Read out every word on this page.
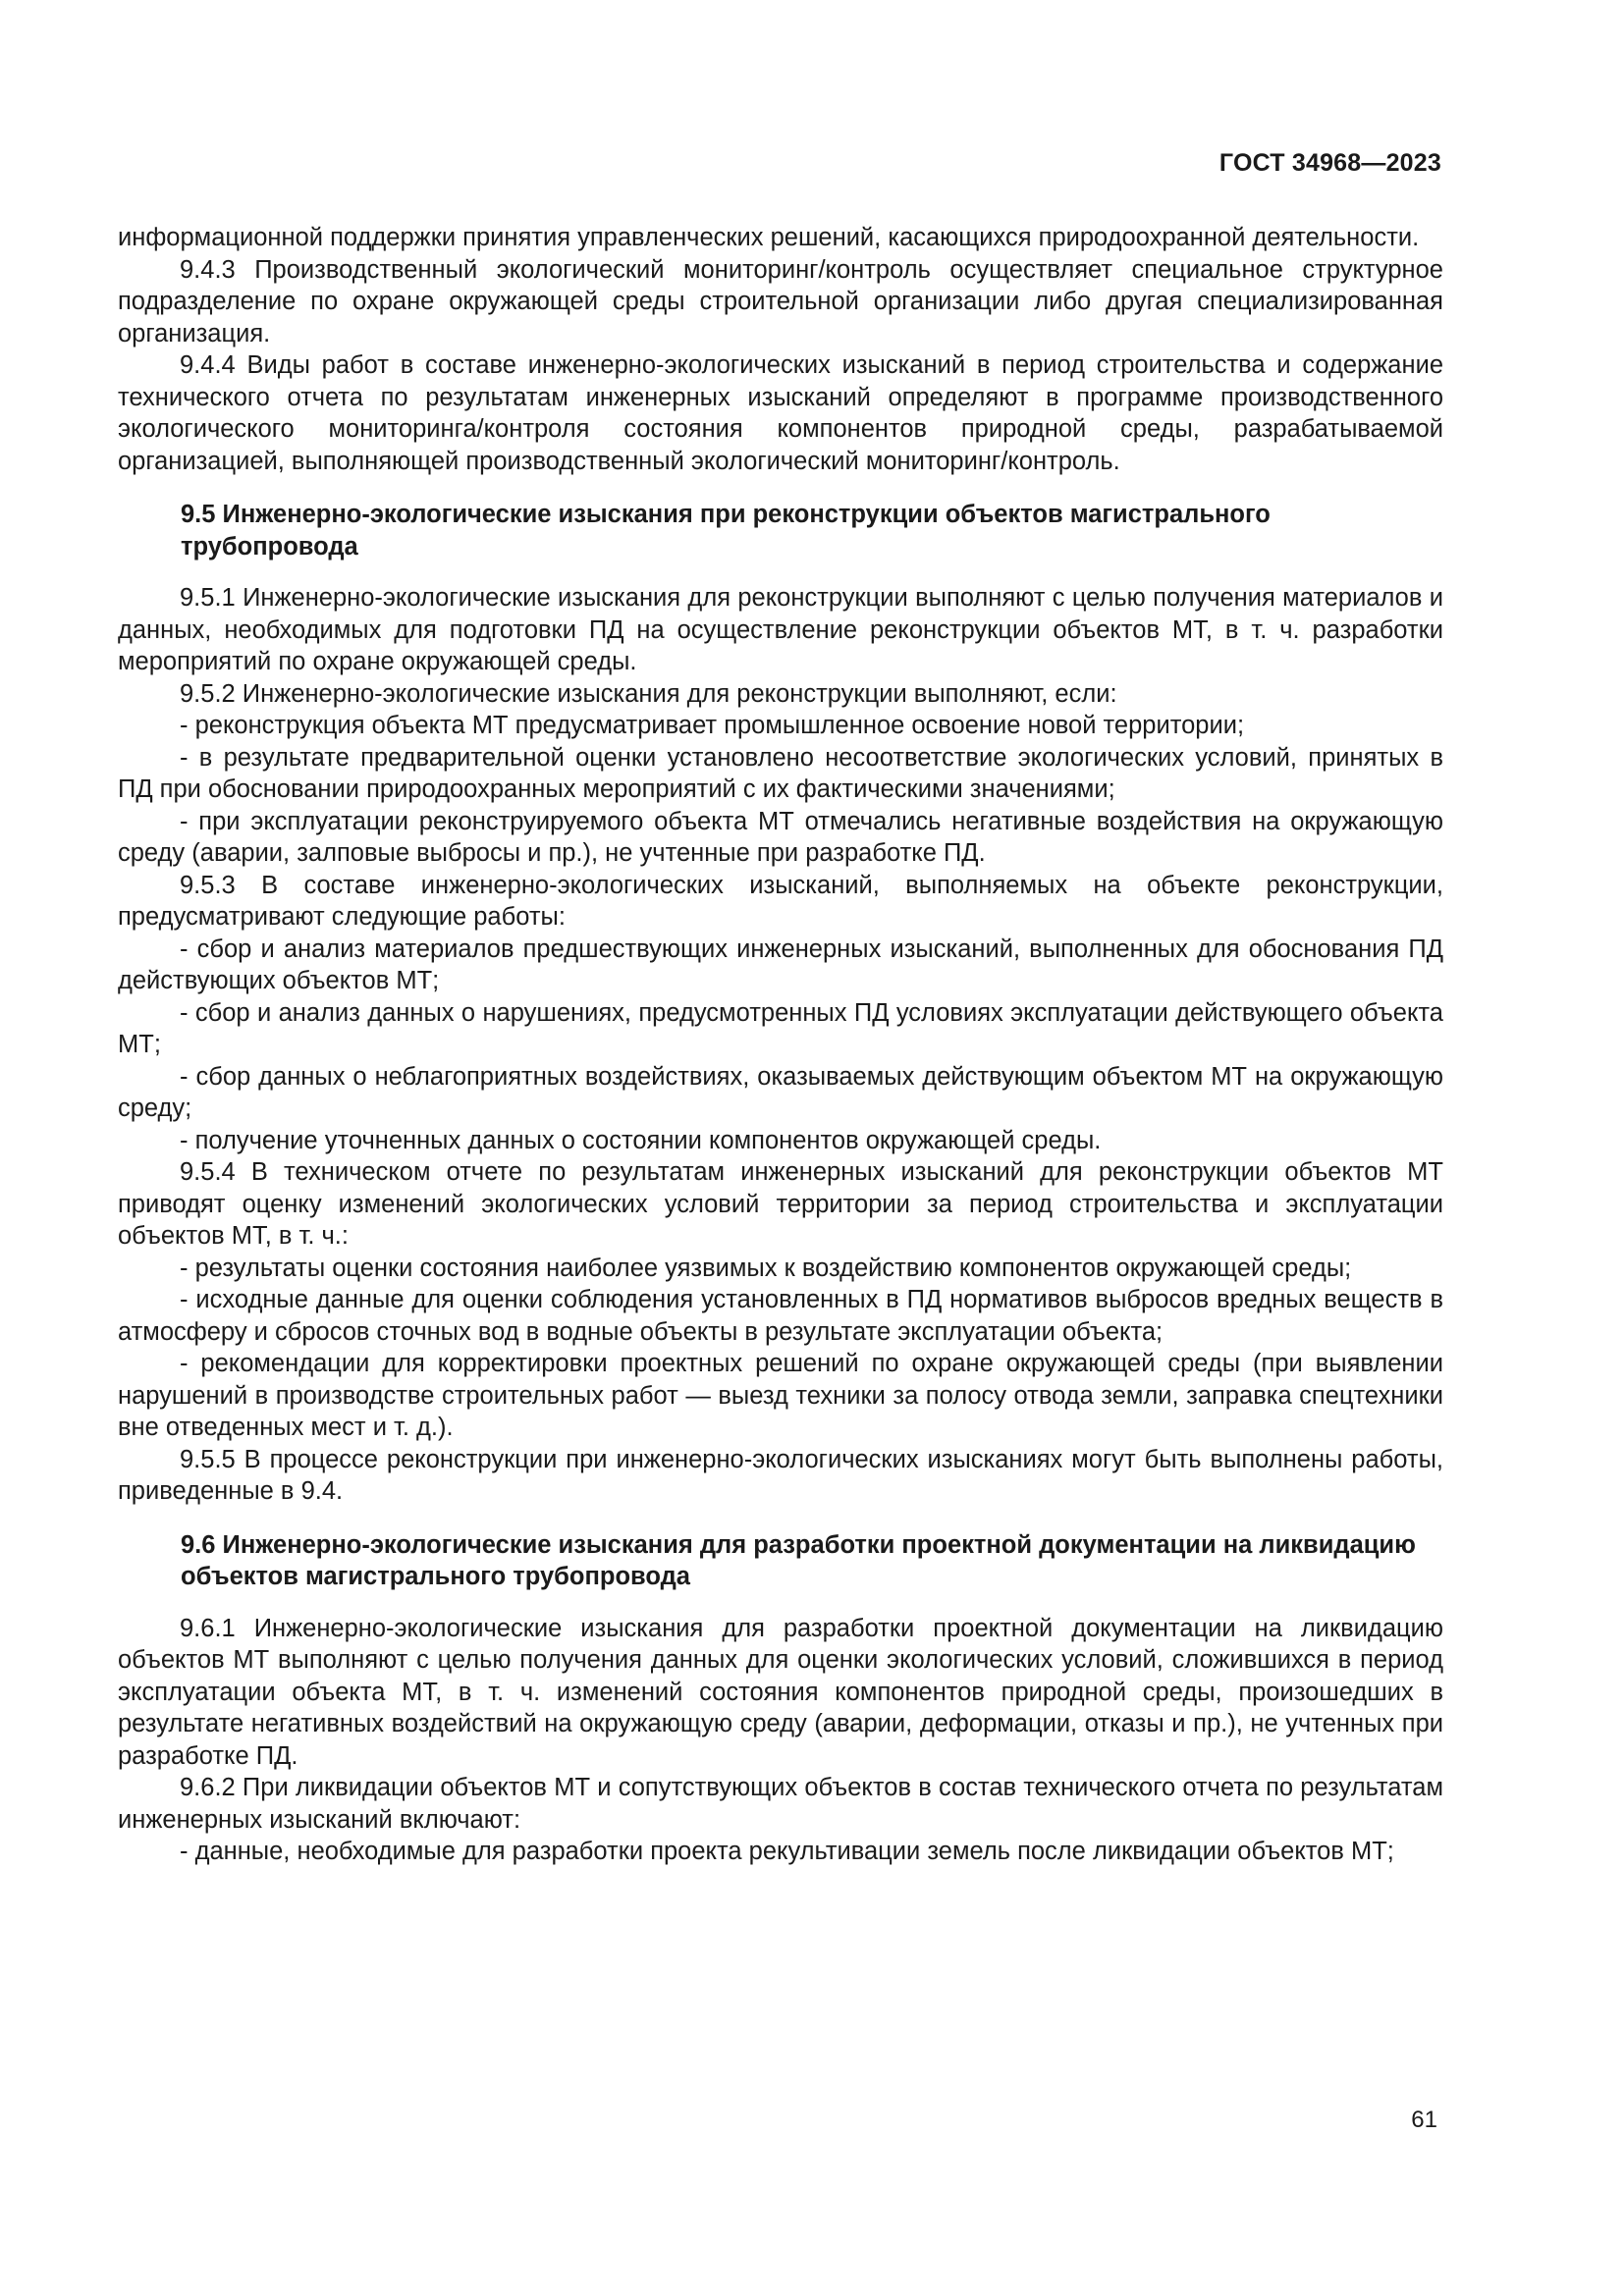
ГОСТ 34968—2023

информационной поддержки принятия управленческих решений, касающихся природоохранной деятельности.

9.4.3 Производственный экологический мониторинг/контроль осуществляет специальное структурное подразделение по охране окружающей среды строительной организации либо другая специализированная организация.

9.4.4 Виды работ в составе инженерно-экологических изысканий в период строительства и содержание технического отчета по результатам инженерных изысканий определяют в программе производственного экологического мониторинга/контроля состояния компонентов природной среды, разрабатываемой организацией, выполняющей производственный экологический мониторинг/контроль.

9.5 Инженерно-экологические изыскания при реконструкции объектов магистрального трубопровода

9.5.1 Инженерно-экологические изыскания для реконструкции выполняют с целью получения материалов и данных, необходимых для подготовки ПД на осуществление реконструкции объектов МТ, в т. ч. разработки мероприятий по охране окружающей среды.

9.5.2 Инженерно-экологические изыскания для реконструкции выполняют, если:

- реконструкция объекта МТ предусматривает промышленное освоение новой территории;

- в результате предварительной оценки установлено несоответствие экологических условий, принятых в ПД при обосновании природоохранных мероприятий с их фактическими значениями;

- при эксплуатации реконструируемого объекта МТ отмечались негативные воздействия на окружающую среду (аварии, залповые выбросы и пр.), не учтенные при разработке ПД.

9.5.3 В составе инженерно-экологических изысканий, выполняемых на объекте реконструкции, предусматривают следующие работы:

- сбор и анализ материалов предшествующих инженерных изысканий, выполненных для обоснования ПД действующих объектов МТ;

- сбор и анализ данных о нарушениях, предусмотренных ПД условиях эксплуатации действующего объекта МТ;

- сбор данных о неблагоприятных воздействиях, оказываемых действующим объектом МТ на окружающую среду;

- получение уточненных данных о состоянии компонентов окружающей среды.

9.5.4 В техническом отчете по результатам инженерных изысканий для реконструкции объектов МТ приводят оценку изменений экологических условий территории за период строительства и эксплуатации объектов МТ, в т. ч.:

- результаты оценки состояния наиболее уязвимых к воздействию компонентов окружающей среды;

- исходные данные для оценки соблюдения установленных в ПД нормативов выбросов вредных веществ в атмосферу и сбросов сточных вод в водные объекты в результате эксплуатации объекта;

- рекомендации для корректировки проектных решений по охране окружающей среды (при выявлении нарушений в производстве строительных работ — выезд техники за полосу отвода земли, заправка спецтехники вне отведенных мест и т. д.).

9.5.5 В процессе реконструкции при инженерно-экологических изысканиях могут быть выполнены работы, приведенные в 9.4.

9.6 Инженерно-экологические изыскания для разработки проектной документации на ликвидацию объектов магистрального трубопровода

9.6.1 Инженерно-экологические изыскания для разработки проектной документации на ликвидацию объектов МТ выполняют с целью получения данных для оценки экологических условий, сложившихся в период эксплуатации объекта МТ, в т. ч. изменений состояния компонентов природной среды, произошедших в результате негативных воздействий на окружающую среду (аварии, деформации, отказы и пр.), не учтенных при разработке ПД.

9.6.2 При ликвидации объектов МТ и сопутствующих объектов в состав технического отчета по результатам инженерных изысканий включают:

- данные, необходимые для разработки проекта рекультивации земель после ликвидации объектов МТ;

61
